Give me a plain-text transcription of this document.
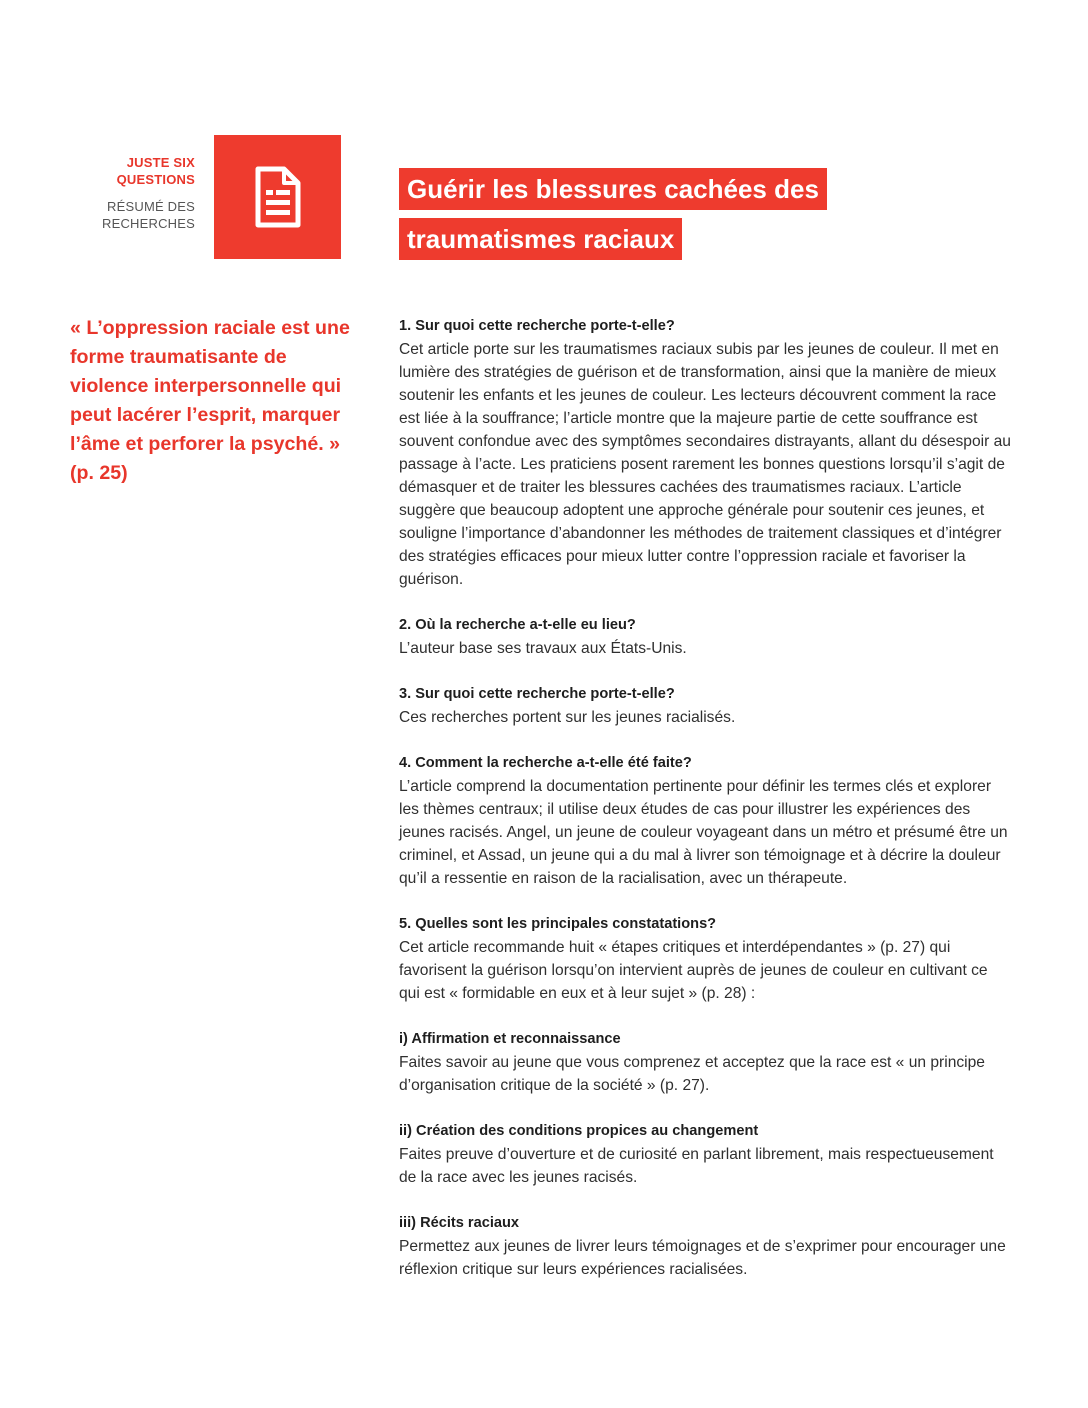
JUSTE SIX
QUESTIONS
RÉSUMÉ DES
RECHERCHES
Guérir les blessures cachées des
traumatismes raciaux

« L’oppression raciale est une forme traumatisante de violence interpersonnelle qui peut lacérer l’esprit, marquer l’âme et perforer la psyché. » (p. 25)

1. Sur quoi cette recherche porte-t-elle?

Cet article porte sur les traumatismes raciaux subis par les jeunes de couleur. Il met en lumière des stratégies de guérison et de transformation, ainsi que la manière de mieux soutenir les enfants et les jeunes de couleur. Les lecteurs découvrent comment la race est liée à la souffrance; l’article montre que la majeure partie de cette souffrance est souvent confondue avec des symptômes secondaires distrayants, allant du désespoir au passage à l’acte. Les praticiens posent rarement les bonnes questions lorsqu’il s’agit de démasquer et de traiter les blessures cachées des traumatismes raciaux. L’article suggère que beaucoup adoptent une approche générale pour soutenir ces jeunes, et souligne l’importance d’abandonner les méthodes de traitement classiques et d’intégrer des stratégies efficaces pour mieux lutter contre l’oppression raciale et favoriser la guérison.

2. Où la recherche a-t-elle eu lieu?

L’auteur base ses travaux aux États-Unis.

3. Sur quoi cette recherche porte-t-elle?

Ces recherches portent sur les jeunes racialisés.

4. Comment la recherche a-t-elle été faite?

L’article comprend la documentation pertinente pour définir les termes clés et explorer les thèmes centraux; il utilise deux études de cas pour illustrer les expériences des jeunes racisés. Angel, un jeune de couleur voyageant dans un métro et présumé être un criminel, et Assad, un jeune qui a du mal à livrer son témoignage et à décrire la douleur qu’il a ressentie en raison de la racialisation, avec un thérapeute.

5. Quelles sont les principales constatations?

Cet article recommande huit « étapes critiques et interdépendantes » (p. 27) qui favorisent la guérison lorsqu’on intervient auprès de jeunes de couleur en cultivant ce qui est « formidable en eux et à leur sujet » (p. 28) :

i) Affirmation et reconnaissance

Faites savoir au jeune que vous comprenez et acceptez que la race est « un principe d’organisation critique de la société » (p. 27).

ii) Création des conditions propices au changement

Faites preuve d’ouverture et de curiosité en parlant librement, mais respectueusement de la race avec les jeunes racisés.

iii) Récits raciaux

Permettez aux jeunes de livrer leurs témoignages et de s’exprimer pour encourager une réflexion critique sur leurs expériences racialisées.
